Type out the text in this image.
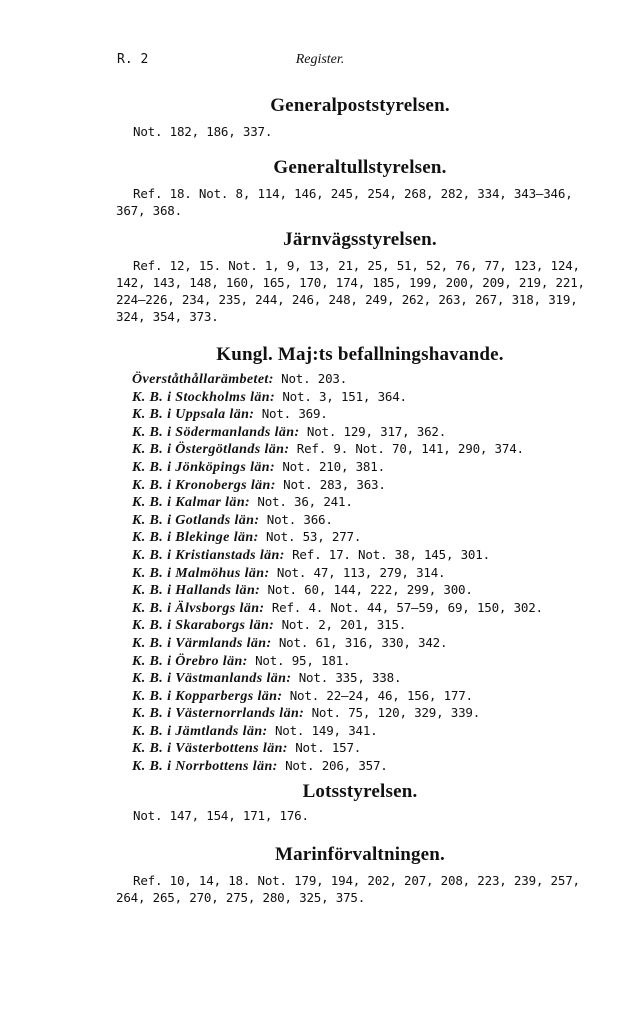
R. 2	Register.
Generalpoststyrelsen.
Not. 182, 186, 337.
Generaltullstyrelsen.
Ref. 18. Not. 8, 114, 146, 245, 254, 268, 282, 334, 343—346,
367, 368.
Järnvägsstyrelsen.
Ref. 12, 15. Not. 1, 9, 13, 21, 25, 51, 52, 76, 77, 123, 124,
142, 143, 148, 160, 165, 170, 174, 185, 199, 200, 209, 219, 221,
224—226, 234, 235, 244, 246, 248, 249, 262, 263, 267, 318, 319,
324, 354, 373.
Kungl. Maj:ts befallningshavande.
Överståthållarämbetet: Not. 203.
K. B. i Stockholms län: Not. 3, 151, 364.
K. B. i Uppsala län: Not. 369.
K. B. i Södermanlands län: Not. 129, 317, 362.
K. B. i Östergötlands län: Ref. 9. Not. 70, 141, 290, 374.
K. B. i Jönköpings län: Not. 210, 381.
K. B. i Kronobergs län: Not. 283, 363.
K. B. i Kalmar län: Not. 36, 241.
K. B. i Gotlands län: Not. 366.
K. B. i Blekinge län: Not. 53, 277.
K. B. i Kristianstads län: Ref. 17. Not. 38, 145, 301.
K. B. i Malmöhus län: Not. 47, 113, 279, 314.
K. B. i Hallands län: Not. 60, 144, 222, 299, 300.
K. B. i Älvsborgs län: Ref. 4. Not. 44, 57—59, 69, 150, 302.
K. B. i Skaraborgs län: Not. 2, 201, 315.
K. B. i Värmlands län: Not. 61, 316, 330, 342.
K. B. i Örebro län: Not. 95, 181.
K. B. i Västmanlands län: Not. 335, 338.
K. B. i Kopparbergs län: Not. 22—24, 46, 156, 177.
K. B. i Västernorrlands län: Not. 75, 120, 329, 339.
K. B. i Jämtlands län: Not. 149, 341.
K. B. i Västerbottens län: Not. 157.
K. B. i Norrbottens län: Not. 206, 357.
Lotsstyrelsen.
Not. 147, 154, 171, 176.
Marinförvaltningen.
Ref. 10, 14, 18. Not. 179, 194, 202, 207, 208, 223, 239, 257,
264, 265, 270, 275, 280, 325, 375.
